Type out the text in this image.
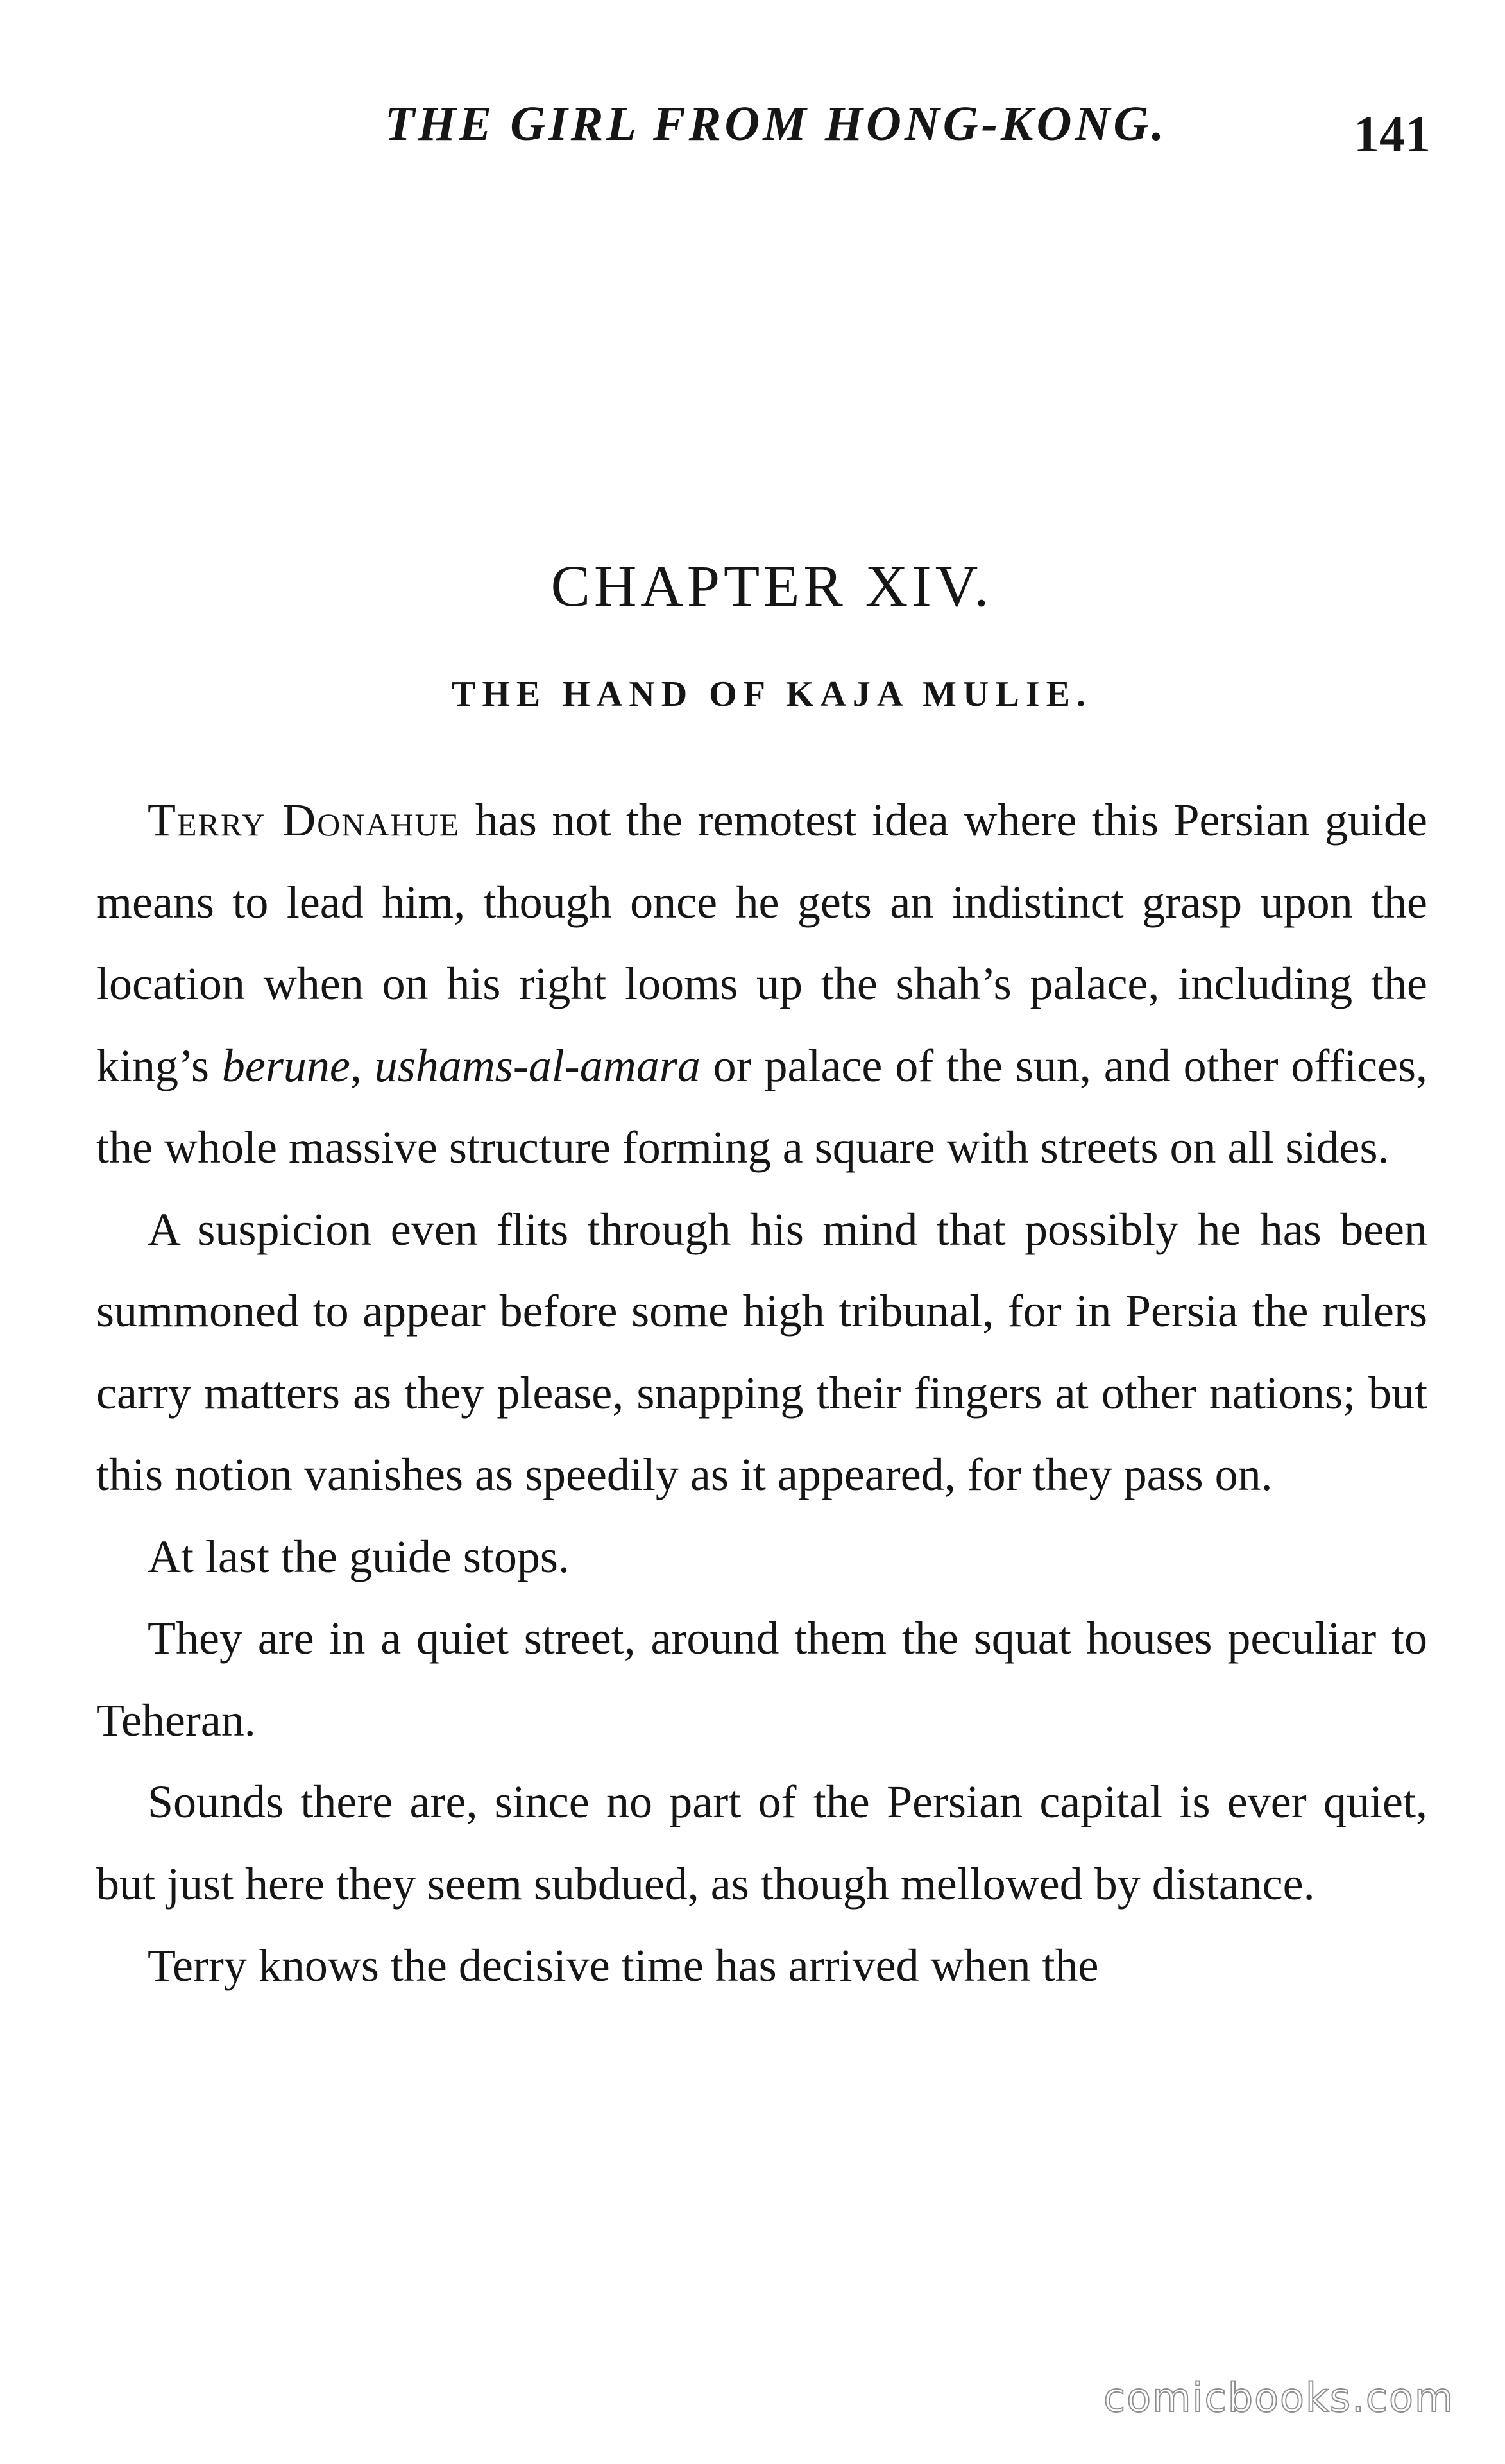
THE GIRL FROM HONG-KONG.	141
CHAPTER XIV.
THE HAND OF KAJA MULIE.

Terry Donahue has not the remotest idea where this Persian guide means to lead him, though once he gets an indistinct grasp upon the location when on his right looms up the shah’s palace, including the king’s berune, ushams-al-amara or palace of the sun, and other offices, the whole massive structure forming a square with streets on all sides.

A suspicion even flits through his mind that possibly he has been summoned to appear before some high tribunal, for in Persia the rulers carry matters as they please, snapping their fingers at other nations; but this notion vanishes as speedily as it appeared, for they pass on.

At last the guide stops.

They are in a quiet street, around them the squat houses peculiar to Teheran.

Sounds there are, since no part of the Persian capital is ever quiet, but just here they seem subdued, as though mellowed by distance.

Terry knows the decisive time has arrived when the

comicbooks.com
